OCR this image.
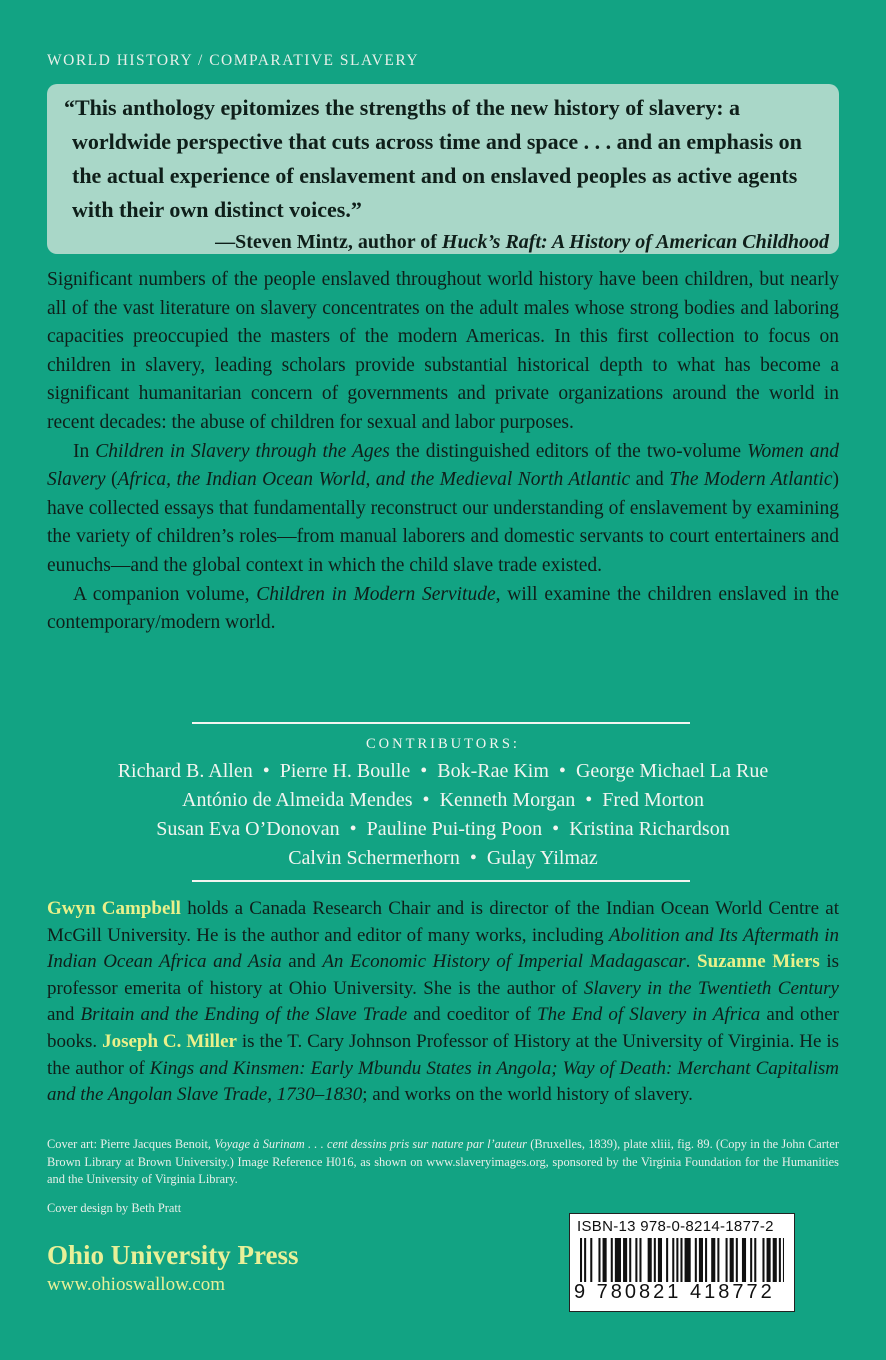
WORLD HISTORY / COMPARATIVE SLAVERY

“This anthology epitomizes the strengths of the new history of slavery: a worldwide perspective that cuts across time and space . . . and an emphasis on the actual experience of enslavement and on enslaved peoples as active agents with their own distinct voices.”

—Steven Mintz, author of Huck’s Raft: A History of American Childhood

Significant numbers of the people enslaved throughout world history have been children, but nearly all of the vast literature on slavery concentrates on the adult males whose strong bodies and laboring capacities preoccupied the masters of the modern Americas. In this first collection to focus on children in slavery, leading scholars provide substantial historical depth to what has become a significant humanitarian concern of governments and private organizations around the world in recent decades: the abuse of children for sexual and labor purposes.

In Children in Slavery through the Ages the distinguished editors of the two-volume Women and Slavery (Africa, the Indian Ocean World, and the Medieval North Atlantic and The Modern Atlantic) have collected essays that fundamentally reconstruct our understanding of enslavement by examining the variety of children’s roles—from manual laborers and domestic servants to court entertainers and eunuchs—and the global context in which the child slave trade existed.

A companion volume, Children in Modern Servitude, will examine the children enslaved in the contemporary/modern world.

CONTRIBUTORS:
Richard B. Allen • Pierre H. Boulle • Bok-Rae Kim • George Michael La Rue
António de Almeida Mendes • Kenneth Morgan • Fred Morton
Susan Eva O’Donovan • Pauline Pui-ting Poon • Kristina Richardson
Calvin Schermerhorn • Gulay Yilmaz
Gwyn Campbell holds a Canada Research Chair and is director of the Indian Ocean World Centre at McGill University. He is the author and editor of many works, including Abolition and Its Aftermath in Indian Ocean Africa and Asia and An Economic History of Imperial Madagascar. Suzanne Miers is professor emerita of history at Ohio University. She is the author of Slavery in the Twentieth Century and Britain and the Ending of the Slave Trade and coeditor of The End of Slavery in Africa and other books. Joseph C. Miller is the T. Cary Johnson Professor of History at the University of Virginia. He is the author of Kings and Kinsmen: Early Mbundu States in Angola; Way of Death: Merchant Capitalism and the Angolan Slave Trade, 1730–1830; and works on the world history of slavery.
Cover art: Pierre Jacques Benoit, Voyage à Surinam . . . cent dessins pris sur nature par l’auteur (Bruxelles, 1839), plate xliii, fig. 89. (Copy in the John Carter Brown Library at Brown University.) Image Reference H016, as shown on www.slaveryimages.org, sponsored by the Virginia Foundation for the Humanities and the University of Virginia Library.
Cover design by Beth Pratt
Ohio University Press
www.ohioswallow.com
ISBN-13 978-0-8214-1877-2
9 780821 418772
